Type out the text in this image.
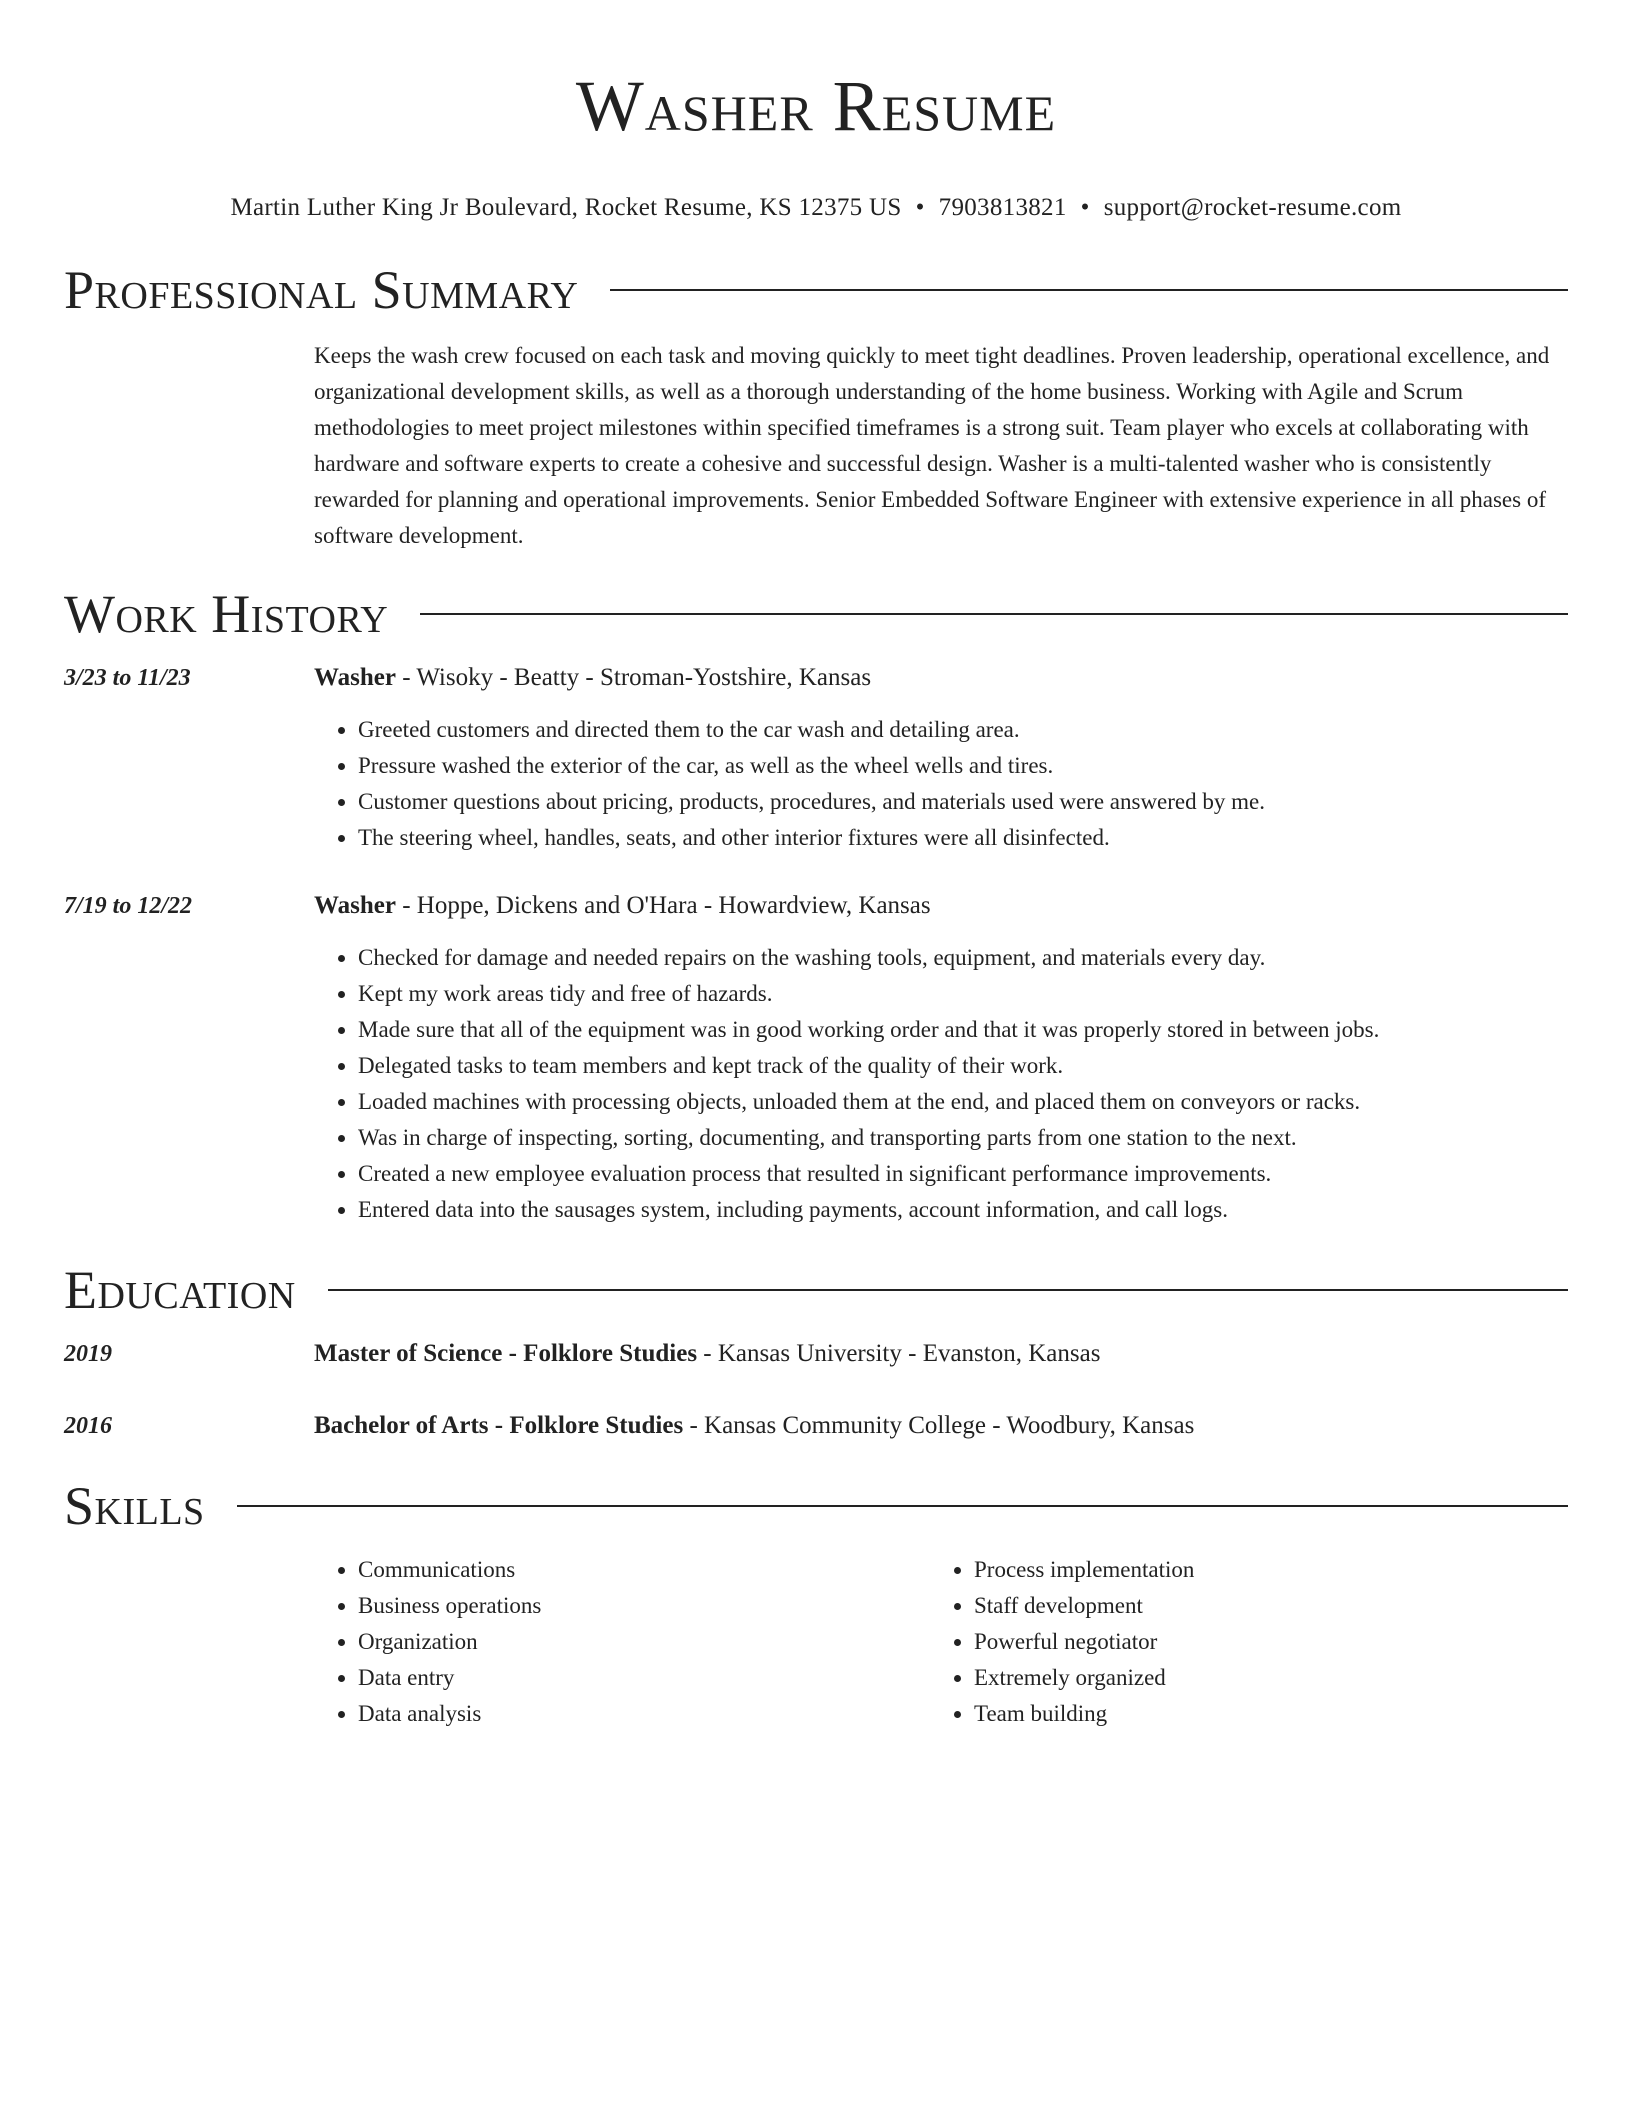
Washer Resume
Martin Luther King Jr Boulevard, Rocket Resume, KS 12375 US • 7903813821 • support@rocket-resume.com
Professional Summary
Keeps the wash crew focused on each task and moving quickly to meet tight deadlines. Proven leadership, operational excellence, and organizational development skills, as well as a thorough understanding of the home business. Working with Agile and Scrum methodologies to meet project milestones within specified timeframes is a strong suit. Team player who excels at collaborating with hardware and software experts to create a cohesive and successful design. Washer is a multi-talented washer who is consistently rewarded for planning and operational improvements. Senior Embedded Software Engineer with extensive experience in all phases of software development.
Work History
3/23 to 11/23	Washer - Wisoky - Beatty - Stroman-Yostshire, Kansas
• Greeted customers and directed them to the car wash and detailing area.
• Pressure washed the exterior of the car, as well as the wheel wells and tires.
• Customer questions about pricing, products, procedures, and materials used were answered by me.
• The steering wheel, handles, seats, and other interior fixtures were all disinfected.
7/19 to 12/22	Washer - Hoppe, Dickens and O'Hara - Howardview, Kansas
• Checked for damage and needed repairs on the washing tools, equipment, and materials every day.
• Kept my work areas tidy and free of hazards.
• Made sure that all of the equipment was in good working order and that it was properly stored in between jobs.
• Delegated tasks to team members and kept track of the quality of their work.
• Loaded machines with processing objects, unloaded them at the end, and placed them on conveyors or racks.
• Was in charge of inspecting, sorting, documenting, and transporting parts from one station to the next.
• Created a new employee evaluation process that resulted in significant performance improvements.
• Entered data into the sausages system, including payments, account information, and call logs.
Education
2019	Master of Science - Folklore Studies - Kansas University - Evanston, Kansas
2016	Bachelor of Arts - Folklore Studies - Kansas Community College - Woodbury, Kansas
Skills
• Communications
• Business operations
• Organization
• Data entry
• Data analysis
• Process implementation
• Staff development
• Powerful negotiator
• Extremely organized
• Team building
